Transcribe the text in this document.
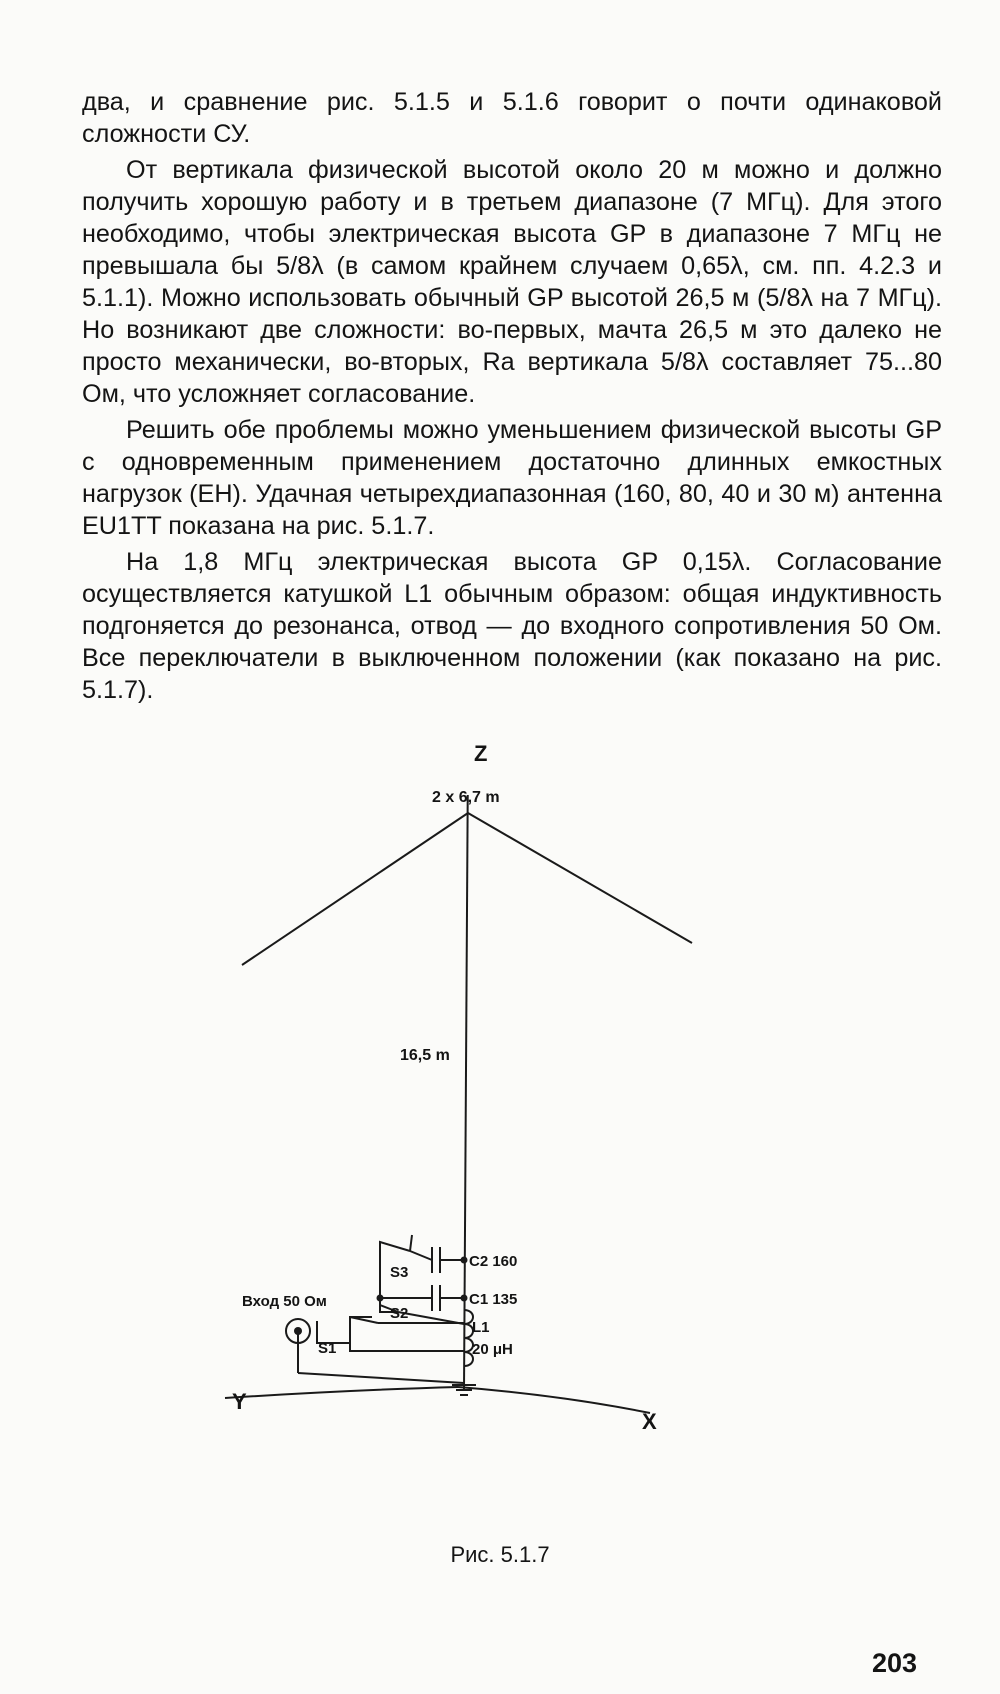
два, и сравнение рис. 5.1.5 и 5.1.6 говорит о почти одинаковой сложности СУ.

От вертикала физической высотой около 20 м можно и должно получить хорошую работу и в третьем диапазоне (7 МГц). Для этого необходимо, чтобы электрическая высота GP в диапазоне 7 МГц не превышала бы 5/8λ (в самом крайнем случаем 0,65λ, см. пп. 4.2.3 и 5.1.1). Можно использовать обычный GP высотой 26,5 м (5/8λ на 7 МГц). Но возникают две сложности: во-первых, мачта 26,5 м это далеко не просто механически, во-вторых, Ra вертикала 5/8λ составляет 75...80 Ом, что усложняет согласование.

Решить обе проблемы можно уменьшением физической высоты GP с одновременным применением достаточно длинных емкостных нагрузок (ЕН). Удачная четырехдиапазонная (160, 80, 40 и 30 м) антенна EU1TT показана на рис. 5.1.7.

На 1,8 МГц электрическая высота GP 0,15λ. Согласование осуществляется катушкой L1 обычным образом: общая индуктивность подгоняется до резонанса, отвод — до входного сопротивления 50 Ом. Все переключатели в выключенном положении (как показано на рис. 5.1.7).

Z
2 x 6,7 m
16,5 m
C2 160
C1 135
L1
20 μH
S3
S2
S1
Вход 50 Ом
Y
X
Рис. 5.1.7
203
